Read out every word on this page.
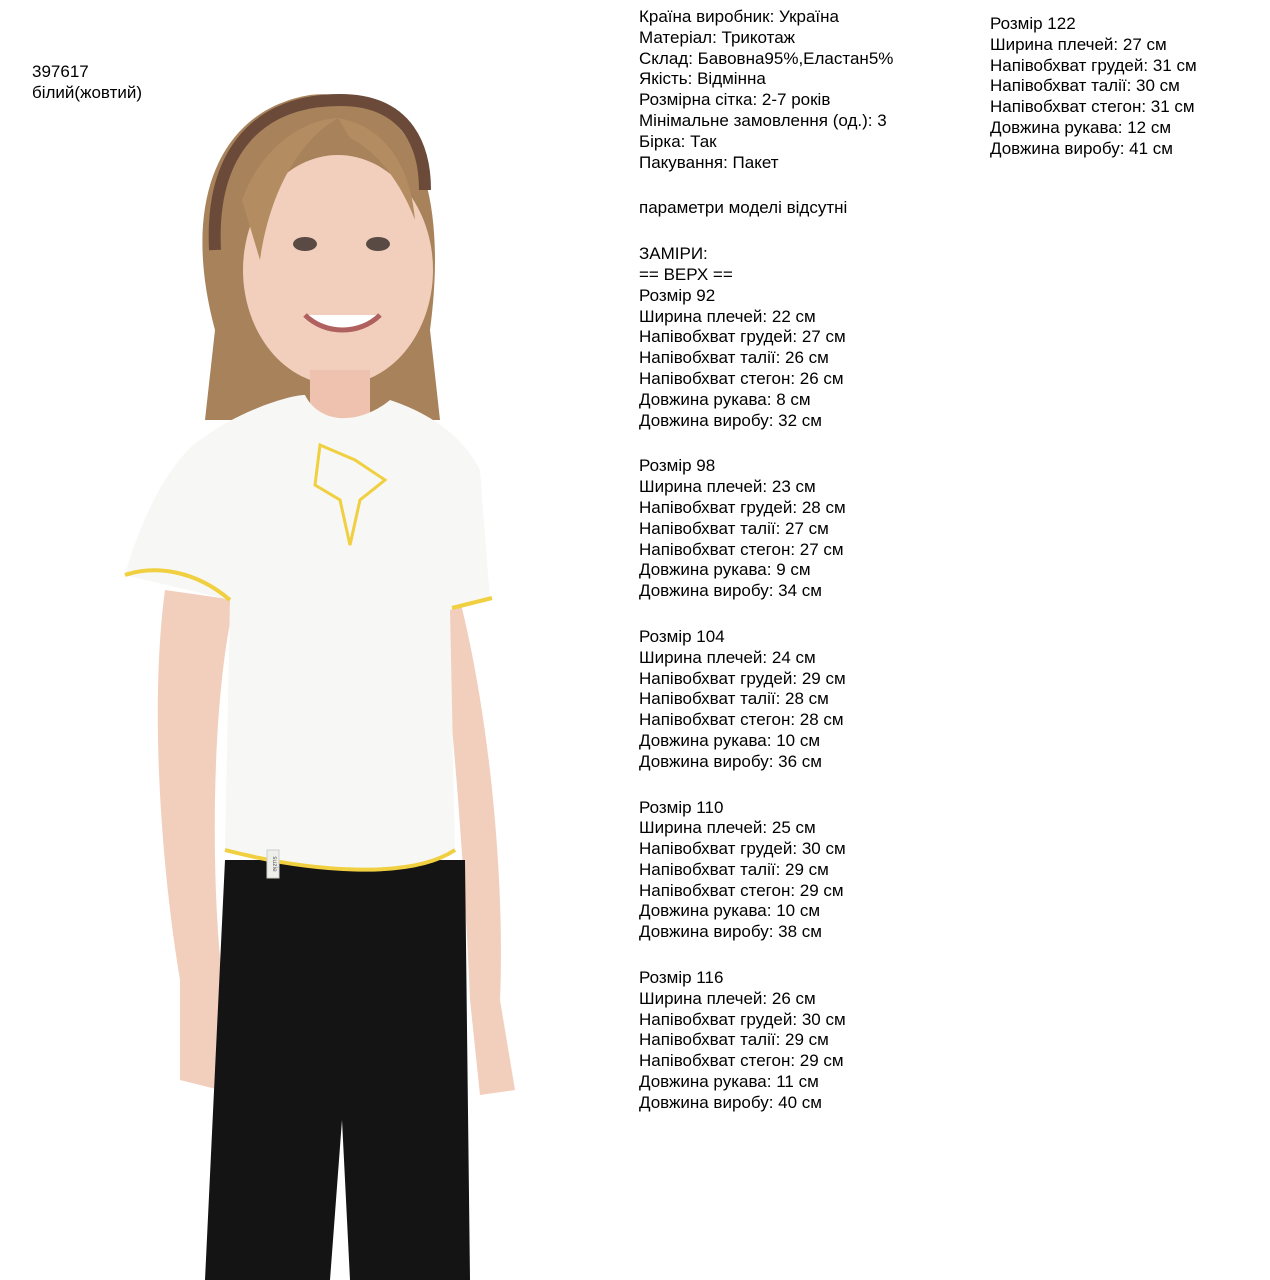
397617
білий(жовтий)
suzie
Країна виробник: Україна
Матеріал: Трикотаж
Склад: Бавовна95%,Еластан5%
Якість: Відмінна
Розмірна сітка: 2-7 років
Мінімальне замовлення (од.): 3
Бірка: Так
Пакування: Пакет
параметри моделі відсутні
ЗАМІРИ:
== ВЕРХ ==
Розмір 92
Ширина плечей: 22 см
Напівобхват грудей: 27 см
Напівобхват талії: 26 см
Напівобхват стегон: 26 см
Довжина рукава: 8 см
Довжина виробу: 32 см
Розмір 98
Ширина плечей: 23 см
Напівобхват грудей: 28 см
Напівобхват талії: 27 см
Напівобхват стегон: 27 см
Довжина рукава: 9 см
Довжина виробу: 34 см
Розмір 104
Ширина плечей: 24 см
Напівобхват грудей: 29 см
Напівобхват талії: 28 см
Напівобхват стегон: 28 см
Довжина рукава: 10 см
Довжина виробу: 36 см
Розмір 110
Ширина плечей: 25 см
Напівобхват грудей: 30 см
Напівобхват талії: 29 см
Напівобхват стегон: 29 см
Довжина рукава: 10 см
Довжина виробу: 38 см
Розмір 116
Ширина плечей: 26 см
Напівобхват грудей: 30 см
Напівобхват талії: 29 см
Напівобхват стегон: 29 см
Довжина рукава: 11 см
Довжина виробу: 40 см
Розмір 122
Ширина плечей: 27 см
Напівобхват грудей: 31 см
Напівобхват талії: 30 см
Напівобхват стегон: 31 см
Довжина рукава: 12 см
Довжина виробу: 41 см
